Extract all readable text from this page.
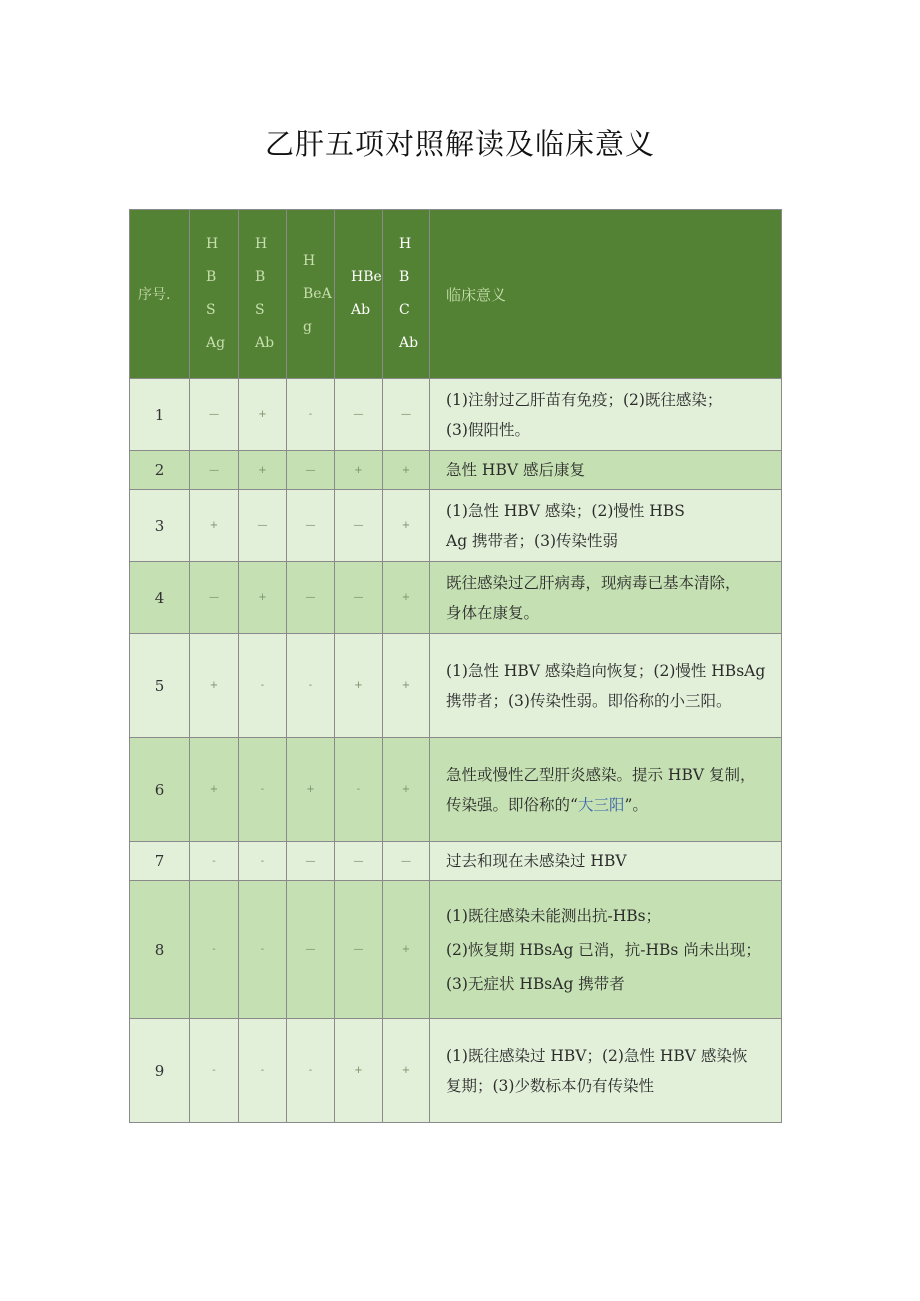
乙肝五项对照解读及临床意义
序号.	H
B
S
Ag	H
B
S
Ab	H
BeA
g	HBe
Ab	H
B
C
Ab	临床意义
1	—	+	-	—	—	(1)注射过乙肝苗有免疫；(2)既往感染；
(3)假阳性。

2	—	+	—	+	+	急性 HBV 感后康复

3	+	—	—	—	+	(1)急性 HBV 感染；(2)慢性 HBS
Ag 携带者；(3)传染性弱

4	—	+	—	—	+	既往感染过乙肝病毒，现病毒已基本清除，
身体在康复。

5	+	-	-	+	+	(1)急性 HBV 感染趋向恢复；(2)慢性 HBsAg
携带者；(3)传染性弱。即俗称的小三阳。

6	+	-	+	-	+	急性或慢性乙型肝炎感染。提示 HBV 复制，
传染强。即俗称的“大三阳”。

7	-	-	—	—	—	过去和现在未感染过 HBV

8	-	-	—	—	+	(1)既往感染未能测出抗-HBs；
(2)恢复期 HBsAg 已消，抗-HBs 尚未出现；
(3)无症状 HBsAg 携带者

9	-	-	-	+	+	(1)既往感染过 HBV；(2)急性 HBV 感染恢
复期；(3)少数标本仍有传染性
